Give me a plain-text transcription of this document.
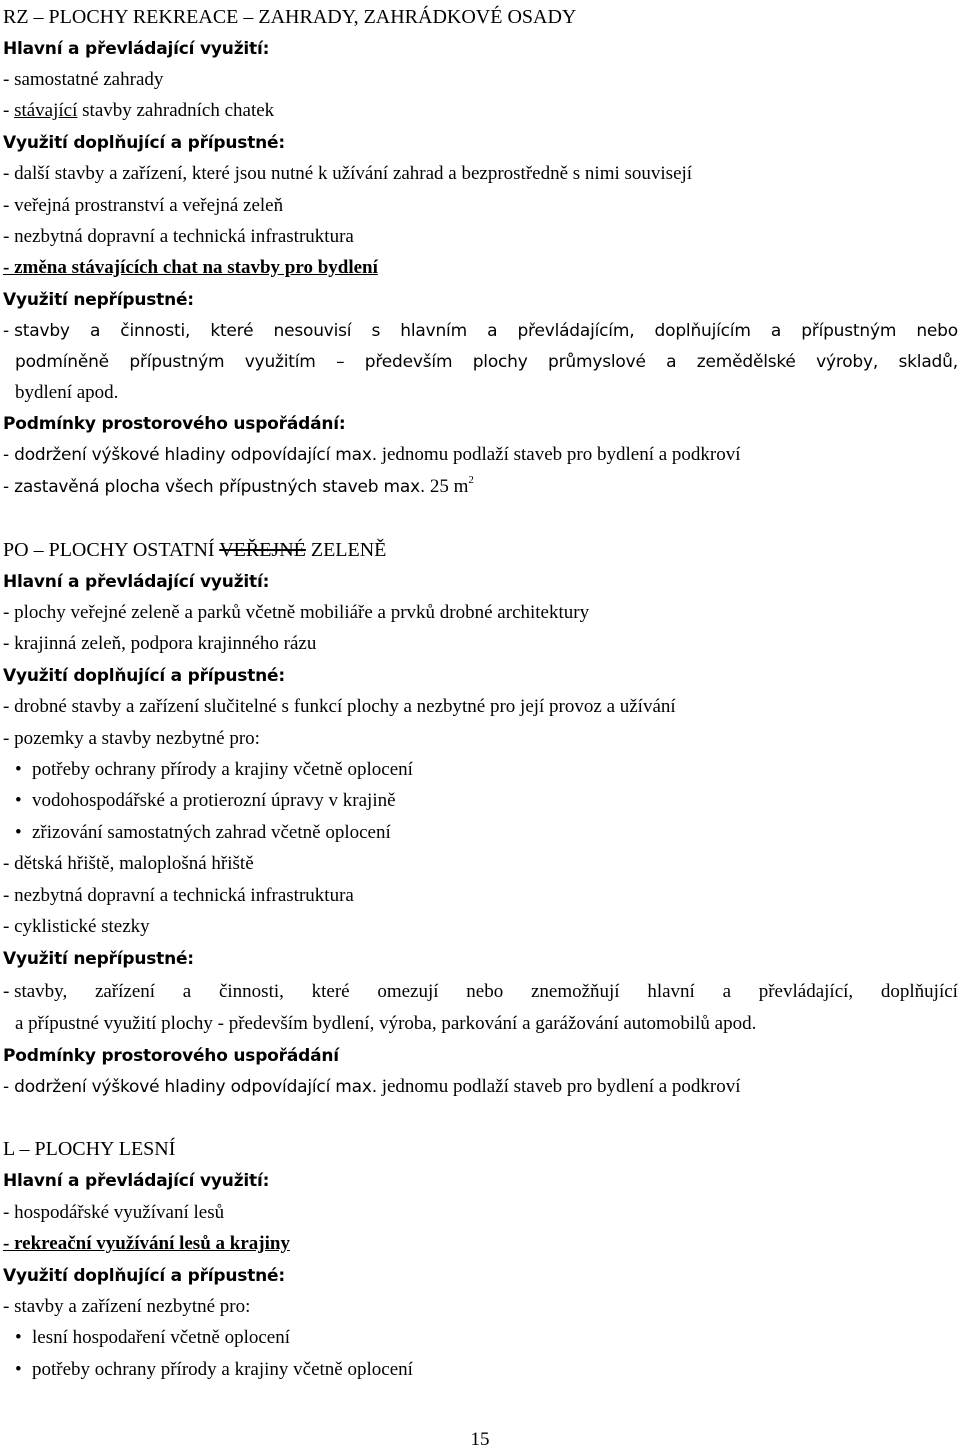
RZ – PLOCHY REKREACE – ZAHRADY, ZAHRÁDKOVÉ OSADY
Hlavní a převládající využití:
- samostatné zahrady
- stávající stavby zahradních chatek
Využití doplňující a přípustné:
- další stavby a zařízení, které jsou nutné k užívání zahrad a bezprostředně s nimi souvisejí
- veřejná prostranství a veřejná zeleň
- nezbytná dopravní a technická infrastruktura
- změna stávajících chat na stavby pro bydlení
Využití nepřípustné:
- stavby a činnosti, které nesouvisí s hlavním a převládajícím, doplňujícím a přípustným nebo
podmíněně přípustným využitím – především plochy průmyslové a zemědělské výroby, skladů,
bydlení apod.
Podmínky prostorového uspořádání:
- dodržení výškové hladiny odpovídající max. jednomu podlaží staveb pro bydlení a podkroví
- zastavěná plocha všech přípustných staveb max. 25 $m^2$
PO – PLOCHY OSTATNÍ VEŘEJNÉ ZELENĚ
Hlavní a převládající využití:
- plochy veřejné zeleně a parků včetně mobiliáře a prvků drobné architektury
- krajinná zeleň, podpora krajinného rázu
Využití doplňující a přípustné:
- drobné stavby a zařízení slučitelné s funkcí plochy a nezbytné pro její provoz a užívání
- pozemky a stavby nezbytné pro:
• potřeby ochrany přírody a krajiny včetně oplocení
• vodohospodářské a protierozní úpravy v krajině
• zřizování samostatných zahrad včetně oplocení
- dětská hřiště, maloplošná hřiště
- nezbytná dopravní a technická infrastruktura
- cyklistické stezky
Využití nepřípustné:
- stavby, zařízení a činnosti, které omezují nebo znemožňují hlavní a převládající, doplňující
a přípustné využití plochy - především bydlení, výroba, parkování a garážování automobilů apod.
Podmínky prostorového uspořádání
- dodržení výškové hladiny odpovídající max. jednomu podlaží staveb pro bydlení a podkroví
L – PLOCHY LESNÍ
Hlavní a převládající využití:
- hospodářské využívaní lesů
- rekreační využívání lesů a krajiny
Využití doplňující a přípustné:
- stavby a zařízení nezbytné pro:
• lesní hospodaření včetně oplocení
• potřeby ochrany přírody a krajiny včetně oplocení
15
